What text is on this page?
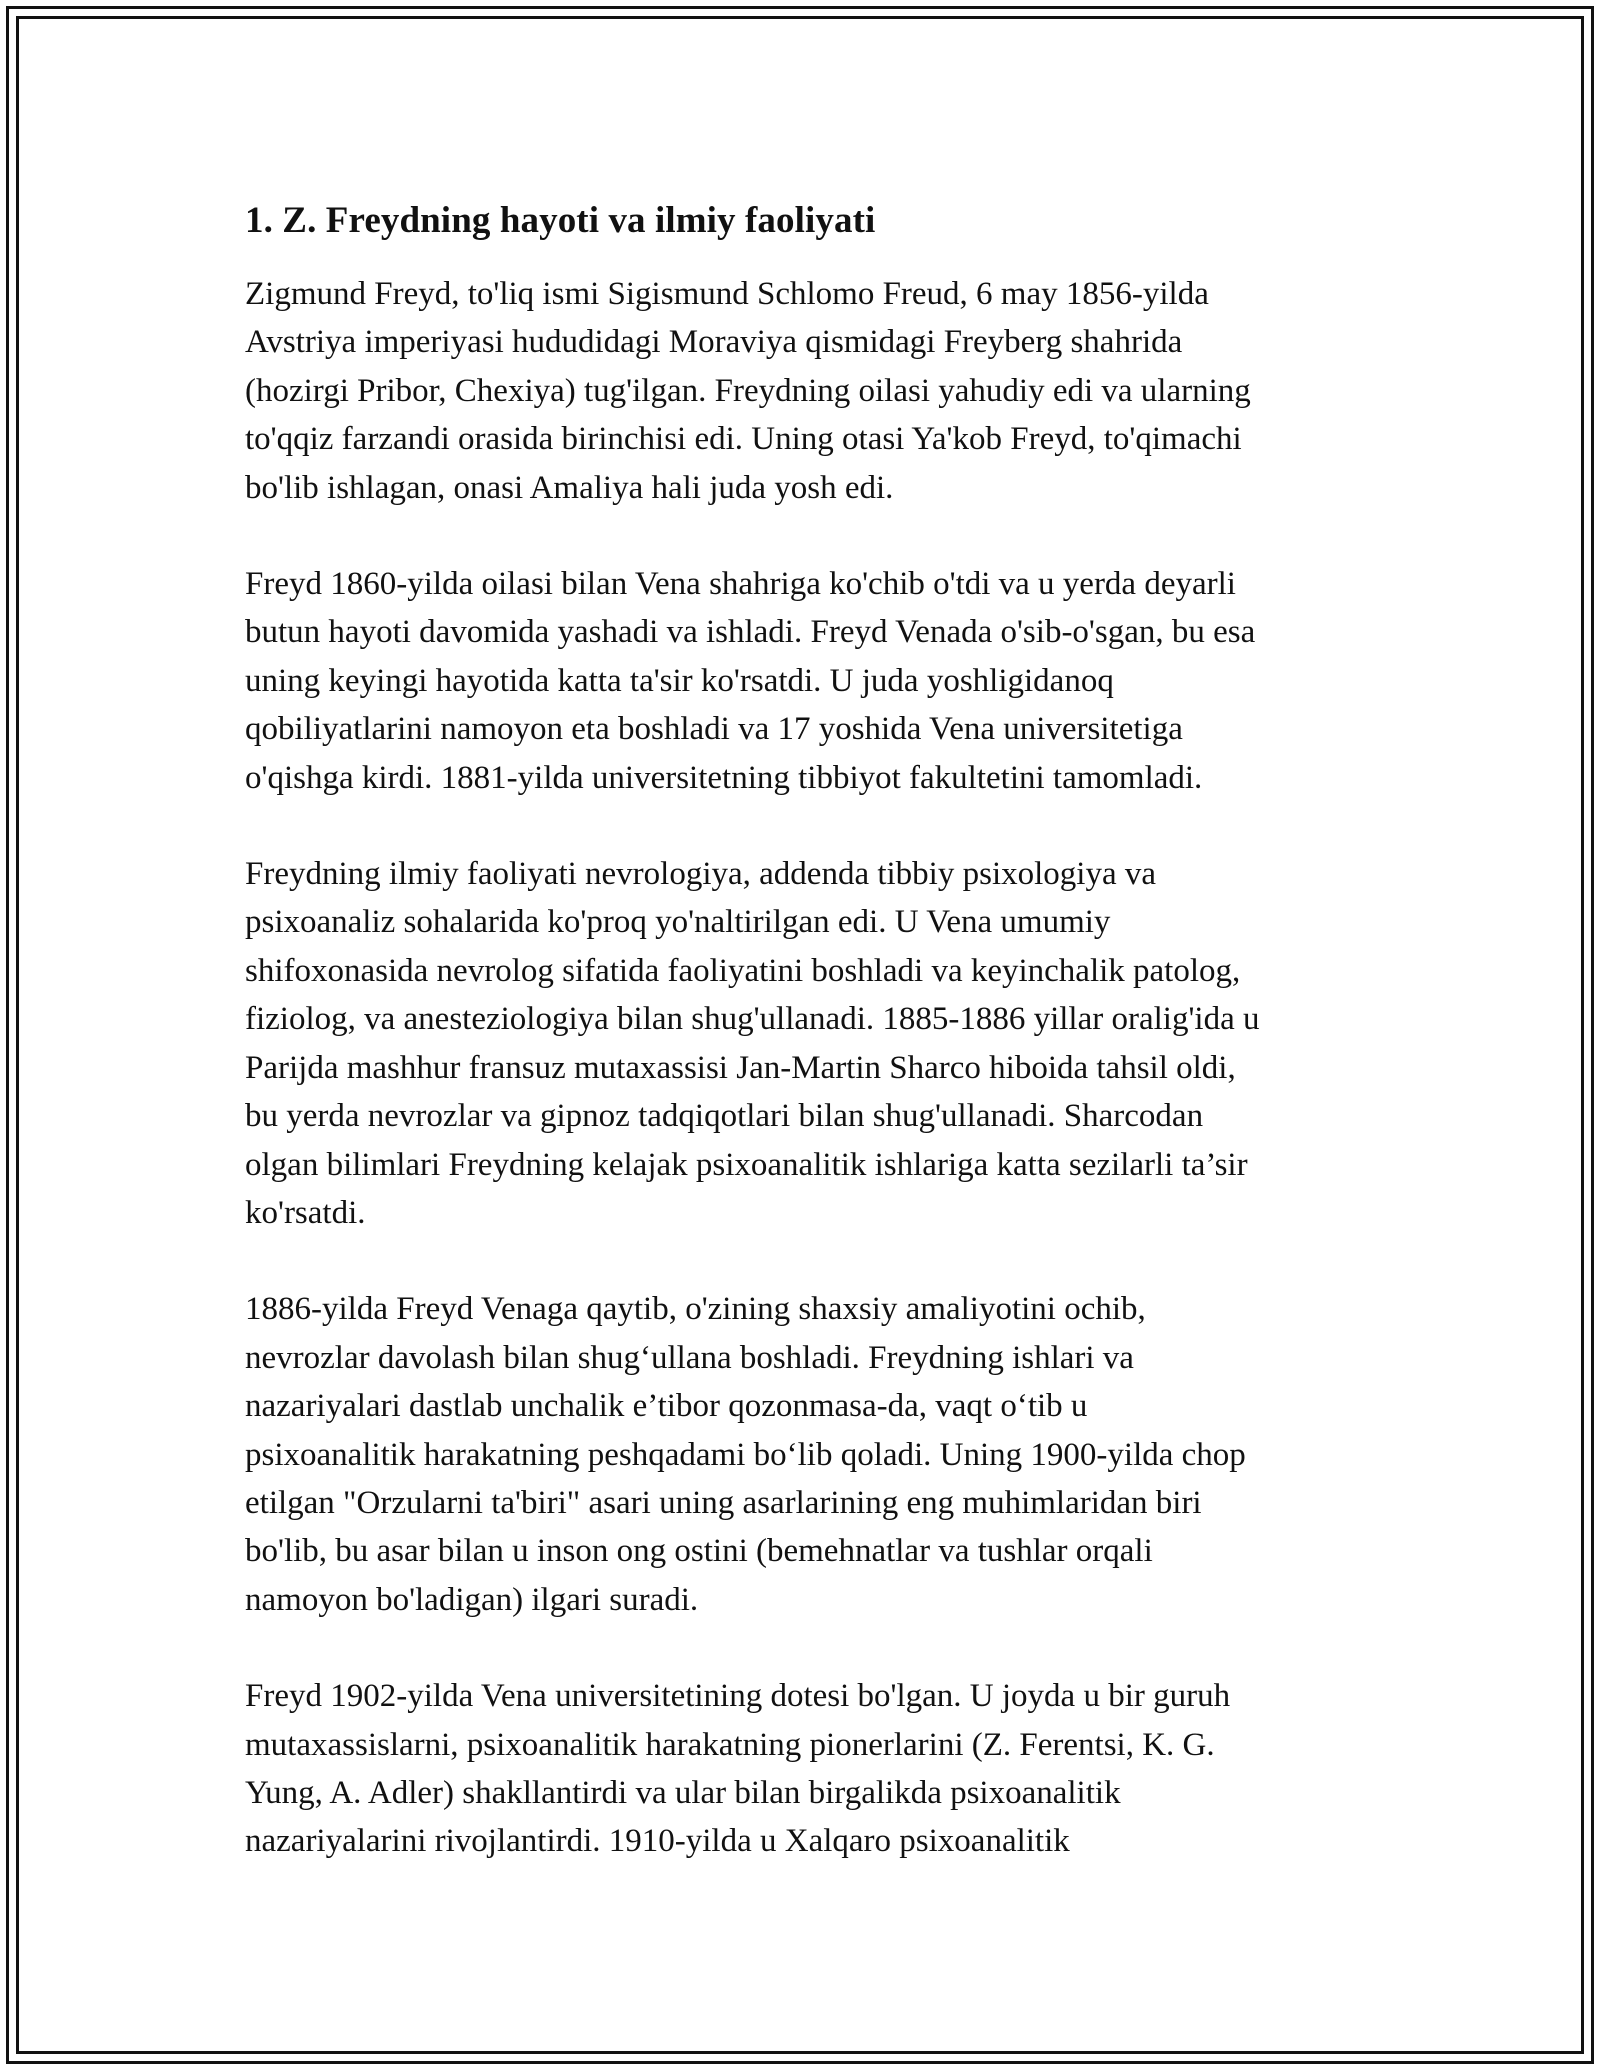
1. Z. Freydning hayoti va ilmiy faoliyati

Zigmund Freyd, to'liq ismi Sigismund Schlomo Freud, 6 may 1856-yilda
Avstriya imperiyasi hududidagi Moraviya qismidagi Freyberg shahrida
(hozirgi Pribor, Chexiya) tug'ilgan. Freydning oilasi yahudiy edi va ularning
to'qqiz farzandi orasida birinchisi edi. Uning otasi Ya'kob Freyd, to'qimachi
bo'lib ishlagan, onasi Amaliya hali juda yosh edi.

Freyd 1860-yilda oilasi bilan Vena shahriga ko'chib o'tdi va u yerda deyarli
butun hayoti davomida yashadi va ishladi. Freyd Venada o'sib-o'sgan, bu esa
uning keyingi hayotida katta ta'sir ko'rsatdi. U juda yoshligidanoq
qobiliyatlarini namoyon eta boshladi va 17 yoshida Vena universitetiga
o'qishga kirdi. 1881-yilda universitetning tibbiyot fakultetini tamomladi.

Freydning ilmiy faoliyati nevrologiya, addenda tibbiy psixologiya va
psixoanaliz sohalarida ko'proq yo'naltirilgan edi. U Vena umumiy
shifoxonasida nevrolog sifatida faoliyatini boshladi va keyinchalik patolog,
fiziolog, va anesteziologiya bilan shug'ullanadi. 1885-1886 yillar oralig'ida u
Parijda mashhur fransuz mutaxassisi Jan-Martin Sharco hiboida tahsil oldi,
bu yerda nevrozlar va gipnoz tadqiqotlari bilan shug'ullanadi. Sharcodan
olgan bilimlari Freydning kelajak psixoanalitik ishlariga katta sezilarli ta’sir
ko'rsatdi.

1886-yilda Freyd Venaga qaytib, o'zining shaxsiy amaliyotini ochib,
nevrozlar davolash bilan shug‘ullana boshladi. Freydning ishlari va
nazariyalari dastlab unchalik e’tibor qozonmasa-da, vaqt o‘tib u
psixoanalitik harakatning peshqadami bo‘lib qoladi. Uning 1900-yilda chop
etilgan "Orzularni ta'biri" asari uning asarlarining eng muhimlaridan biri
bo'lib, bu asar bilan u inson ong ostini (bemehnatlar va tushlar orqali
namoyon bo'ladigan) ilgari suradi.

Freyd 1902-yilda Vena universitetining dotesi bo'lgan. U joyda u bir guruh
mutaxassislarni, psixoanalitik harakatning pionerlarini (Z. Ferentsi, K. G.
Yung, A. Adler) shakllantirdi va ular bilan birgalikda psixoanalitik
nazariyalarini rivojlantirdi. 1910-yilda u Xalqaro psixoanalitik
